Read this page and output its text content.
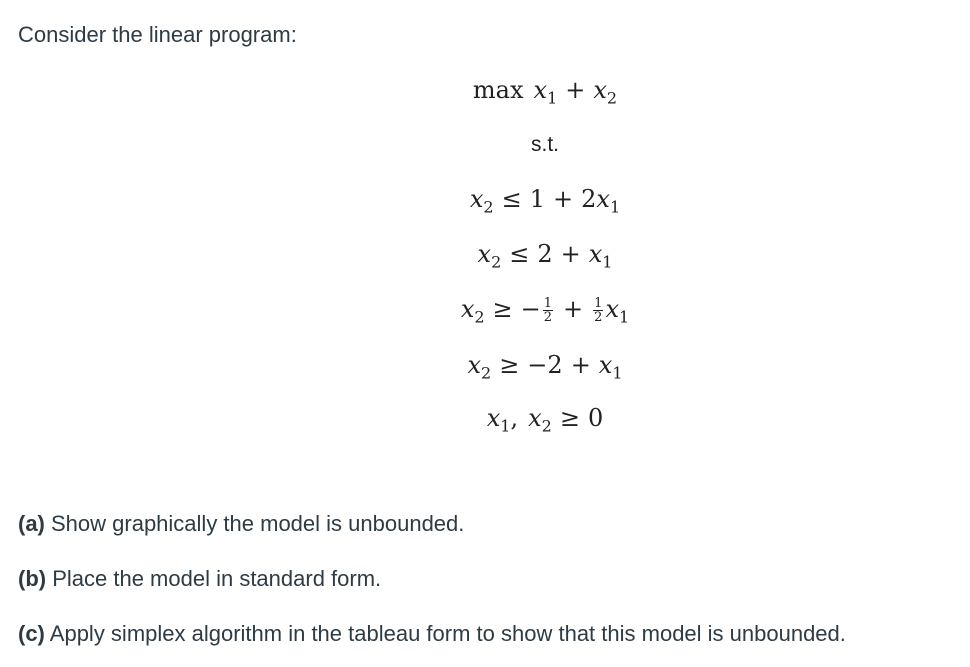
Consider the linear program:
$\max x_1 + x_2$
s.t.
$x_2 \le 1 + 2x_1$
$x_2 \le 2 + x_1$
$x_2$ ≥ − $\frac{1}{2} + \frac{1}{2} x_1$
$x_2 \ge -2 + x_1$
$x_1$, $x_2 \ge 0$
(a) Show graphically the model is unbounded.
(b) Place the model in standard form.
(c) Apply simplex algorithm in the tableau form to show that this model is unbounded.
